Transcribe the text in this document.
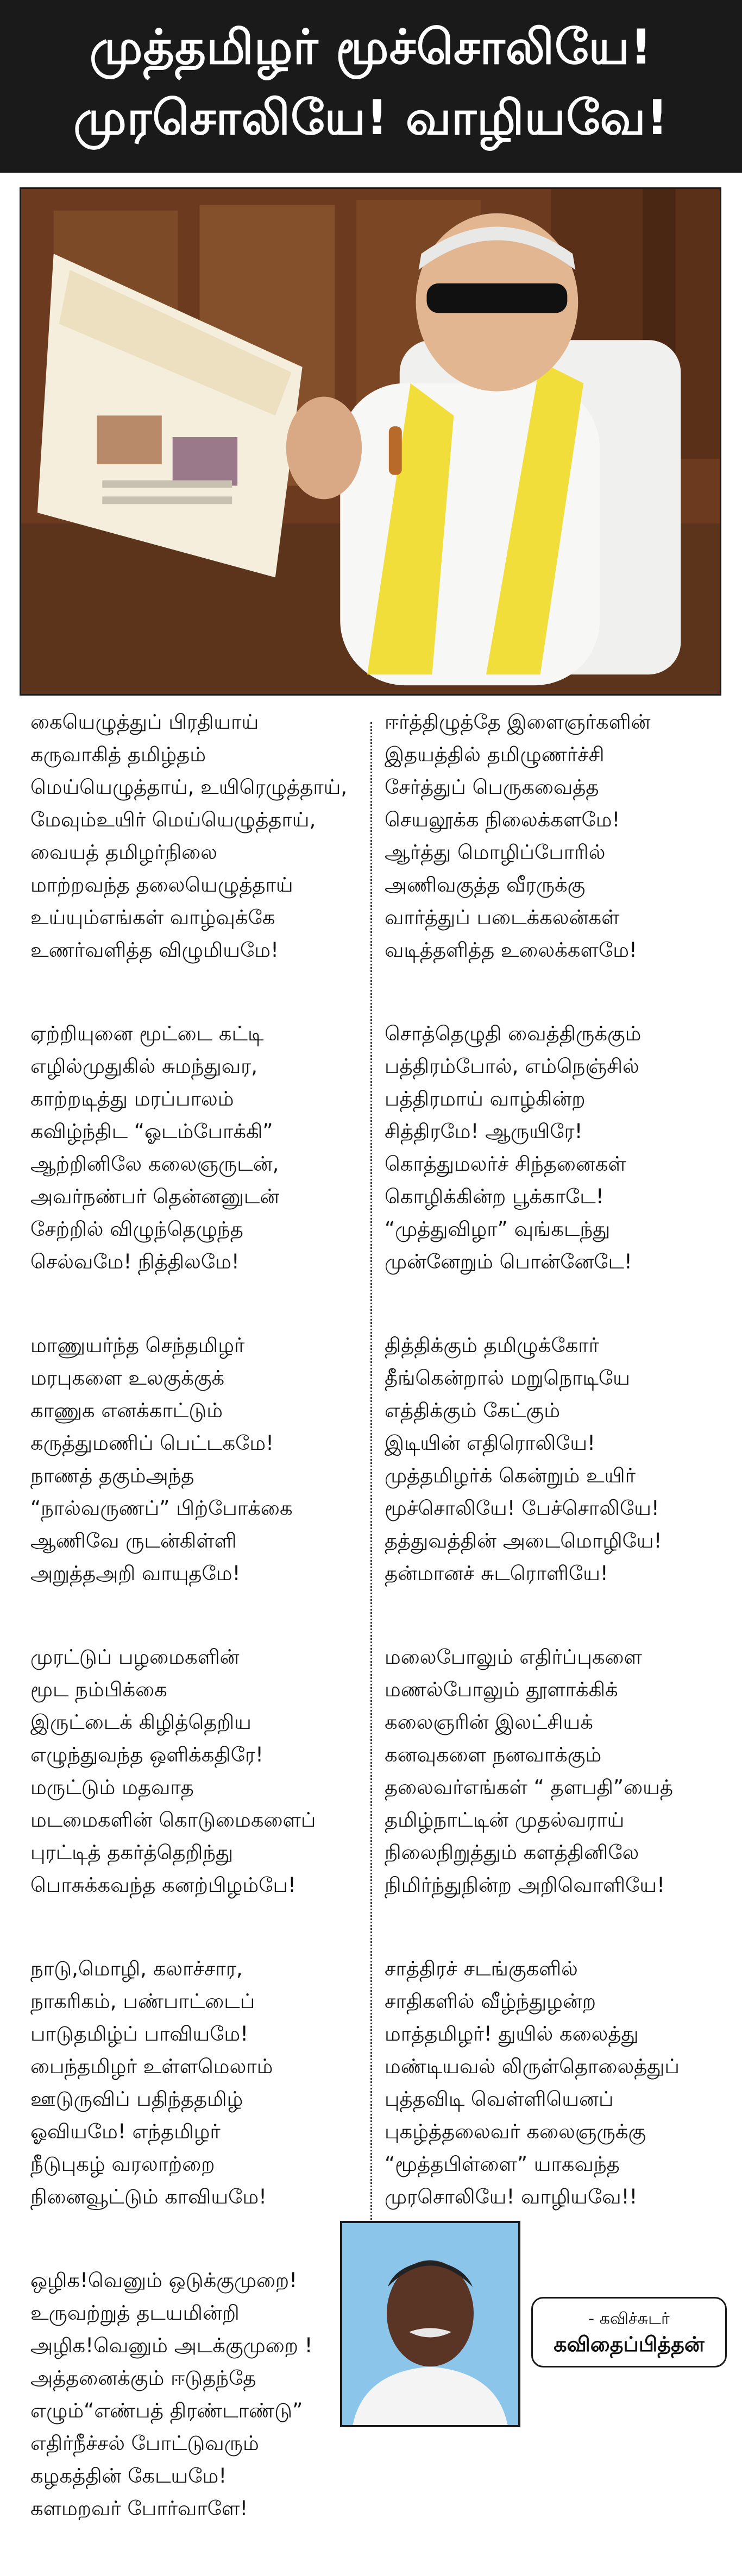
முத்தமிழர் மூச்சொலியே!
முரசொலியே! வாழியவே!
கையெழுத்துப் பிரதியாய்
கருவாகித் தமிழ்தம்
மெய்யெழுத்தாய், உயிரெழுத்தாய்,
மேவும்உயிர் மெய்யெழுத்தாய்,
வையத் தமிழர்நிலை
மாற்றவந்த தலையெழுத்தாய்
உய்யும்எங்கள் வாழ்வுக்கே
உணர்வளித்த விழுமியமே!
ஏற்றியுனை மூட்டை கட்டி
எழில்முதுகில் சுமந்துவர,
காற்றடித்து மரப்பாலம்
கவிழ்ந்திட “ஓடம்போக்கி”
ஆற்றினிலே கலைஞருடன்,
அவர்நண்பர் தென்னனுடன்
சேற்றில் விழுந்தெழுந்த
செல்வமே! நித்திலமே!
மாணுயர்ந்த செந்தமிழர்
மரபுகளை உலகுக்குக்
காணுக எனக்காட்டும்
கருத்துமணிப் பெட்டகமே!
நாணத் தகும்அந்த
“நால்வருணப்” பிற்போக்கை
ஆணிவே ருடன்கிள்ளி
அறுத்தஅறி வாயுதமே!
முரட்டுப் பழமைகளின்
மூட நம்பிக்கை
இருட்டைக் கிழித்தெறிய
எழுந்துவந்த ஒளிக்கதிரே!
மருட்டும் மதவாத
மடமைகளின் கொடுமைகளைப்
புரட்டித் தகர்த்தெறிந்து
பொசுக்கவந்த கனற்பிழம்பே!
நாடு,மொழி, கலாச்சார,
நாகரிகம், பண்பாட்டைப்
பாடுதமிழ்ப் பாவியமே!
பைந்தமிழர் உள்ளமெலாம்
ஊடுருவிப் பதிந்ததமிழ்
ஓவியமே! எந்தமிழர்
நீடுபுகழ் வரலாற்றை
நினைவூட்டும் காவியமே!
ஒழிக!வெனும் ஒடுக்குமுறை!
உருவற்றுத் தடயமின்றி
அழிக!வெனும் அடக்குமுறை !
அத்தனைக்கும் ஈடுதந்தே
எழும்“எண்பத் திரண்டாண்டு”
எதிர்நீச்சல் போட்டுவரும்
கழகத்தின் கேடயமே!
களமறவர் போர்வாளே!
ஈர்த்திழுத்தே இளைஞர்களின்
இதயத்தில் தமிழுணர்ச்சி
சேர்த்துப் பெருகவைத்த
செயலூக்க நிலைக்களமே!
ஆர்த்து மொழிப்போரில்
அணிவகுத்த வீரருக்கு
வார்த்துப் படைக்கலன்கள்
வடித்தளித்த உலைக்களமே!
சொத்தெழுதி வைத்திருக்கும்
பத்திரம்போல், எம்நெஞ்சில்
பத்திரமாய் வாழ்கின்ற
சித்திரமே! ஆருயிரே!
கொத்துமலர்ச் சிந்தனைகள்
கொழிக்கின்ற பூக்காடே!
“முத்துவிழா” வுங்கடந்து
முன்னேறும் பொன்னேடே!
தித்திக்கும் தமிழுக்கோர்
தீங்கென்றால் மறுநொடியே
எத்திக்கும் கேட்கும்
இடியின் எதிரொலியே!
முத்தமிழர்க் கென்றும் உயிர்
மூச்சொலியே! பேச்சொலியே!
தத்துவத்தின் அடைமொழியே!
தன்மானச் சுடரொளியே!
மலைபோலும் எதிர்ப்புகளை
மணல்போலும் தூளாக்கிக்
கலைஞரின் இலட்சியக்
கனவுகளை நனவாக்கும்
தலைவர்எங்கள் “ தளபதி”யைத்
தமிழ்நாட்டின் முதல்வராய்
நிலைநிறுத்தும் களத்தினிலே
நிமிர்ந்துநின்ற அறிவொளியே!
சாத்திரச் சடங்குகளில்
சாதிகளில் வீழ்ந்துழன்ற
மாத்தமிழர்! துயில் கலைத்து
மண்டியவல் லிருள்தொலைத்துப்
புத்தவிடி வெள்ளியெனப்
புகழ்த்தலைவர் கலைஞருக்கு
“மூத்தபிள்ளை” யாகவந்த
முரசொலியே! வாழியவே!!
- கவிச்சுடர்
கவிதைப்பித்தன்
